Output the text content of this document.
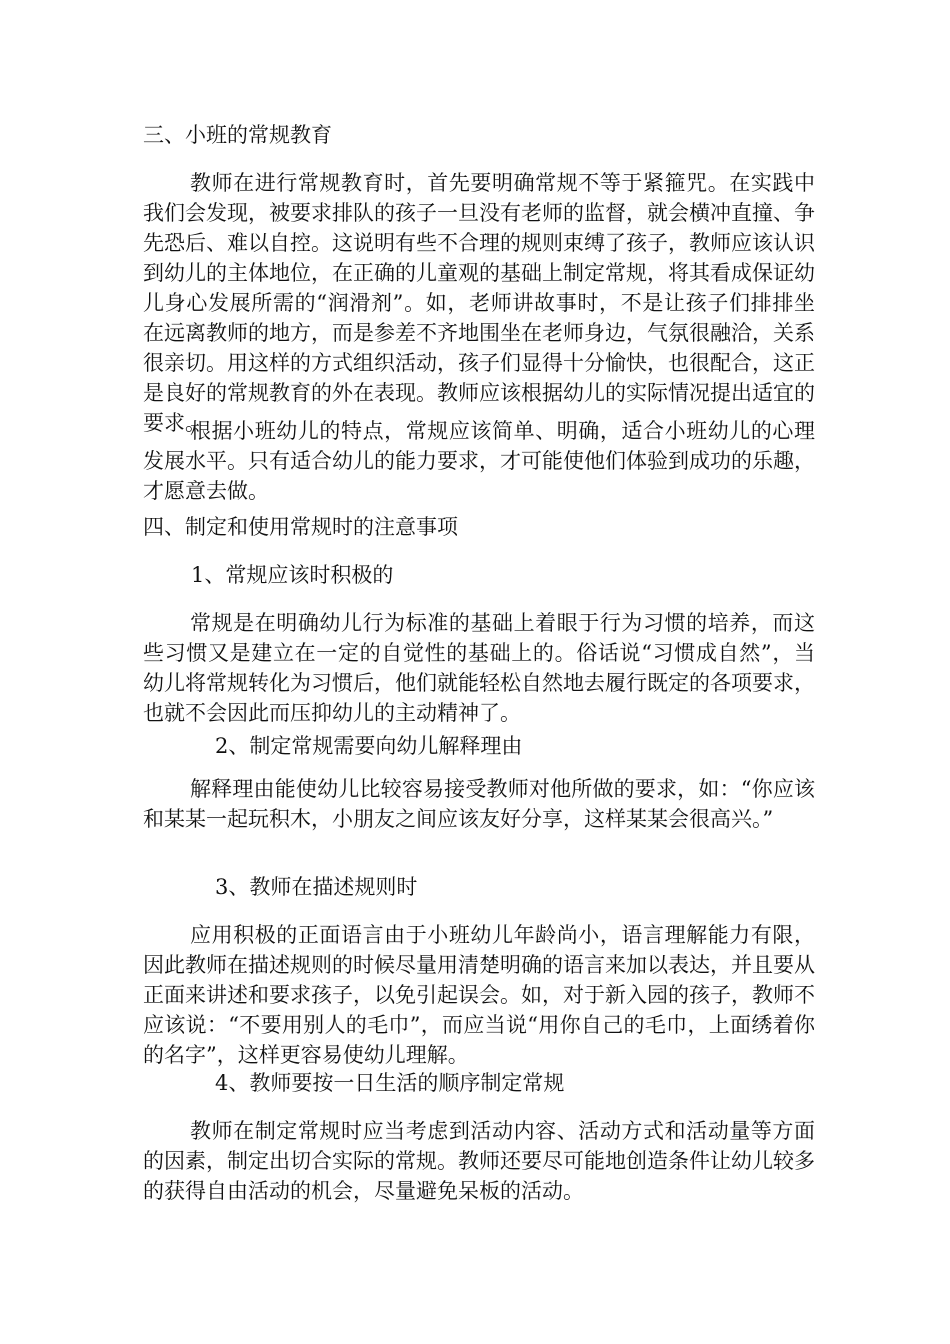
三、小班的常规教育

教师在进行常规教育时，首先要明确常规不等于紧箍咒。在实践中我们会发现，被要求排队的孩子一旦没有老师的监督，就会横冲直撞、争先恐后、难以自控。这说明有些不合理的规则束缚了孩子，教师应该认识到幼儿的主体地位，在正确的儿童观的基础上制定常规，将其看成保证幼儿身心发展所需的“润滑剂”。如，老师讲故事时，不是让孩子们排排坐在远离教师的地方，而是参差不齐地围坐在老师身边，气氛很融洽，关系很亲切。用这样的方式组织活动，孩子们显得十分愉快，也很配合，这正是良好的常规教育的外在表现。教师应该根据幼儿的实际情况提出适宜的要求。

根据小班幼儿的特点，常规应该简单、明确，适合小班幼儿的心理发展水平。只有适合幼儿的能力要求，才可能使他们体验到成功的乐趣，才愿意去做。

四、制定和使用常规时的注意事项

1、常规应该时积极的

常规是在明确幼儿行为标准的基础上着眼于行为习惯的培养，而这些习惯又是建立在一定的自觉性的基础上的。俗话说“习惯成自然”，当幼儿将常规转化为习惯后，他们就能轻松自然地去履行既定的各项要求，也就不会因此而压抑幼儿的主动精神了。

2、制定常规需要向幼儿解释理由

解释理由能使幼儿比较容易接受教师对他所做的要求，如：“你应该和某某一起玩积木，小朋友之间应该友好分享，这样某某会很高兴。”

3、教师在描述规则时

应用积极的正面语言由于小班幼儿年龄尚小，语言理解能力有限，因此教师在描述规则的时候尽量用清楚明确的语言来加以表达，并且要从正面来讲述和要求孩子，以免引起误会。如，对于新入园的孩子，教师不应该说：“不要用别人的毛巾”，而应当说“用你自己的毛巾，上面绣着你的名字”，这样更容易使幼儿理解。

4、教师要按一日生活的顺序制定常规

教师在制定常规时应当考虑到活动内容、活动方式和活动量等方面的因素，制定出切合实际的常规。教师还要尽可能地创造条件让幼儿较多的获得自由活动的机会，尽量避免呆板的活动。
